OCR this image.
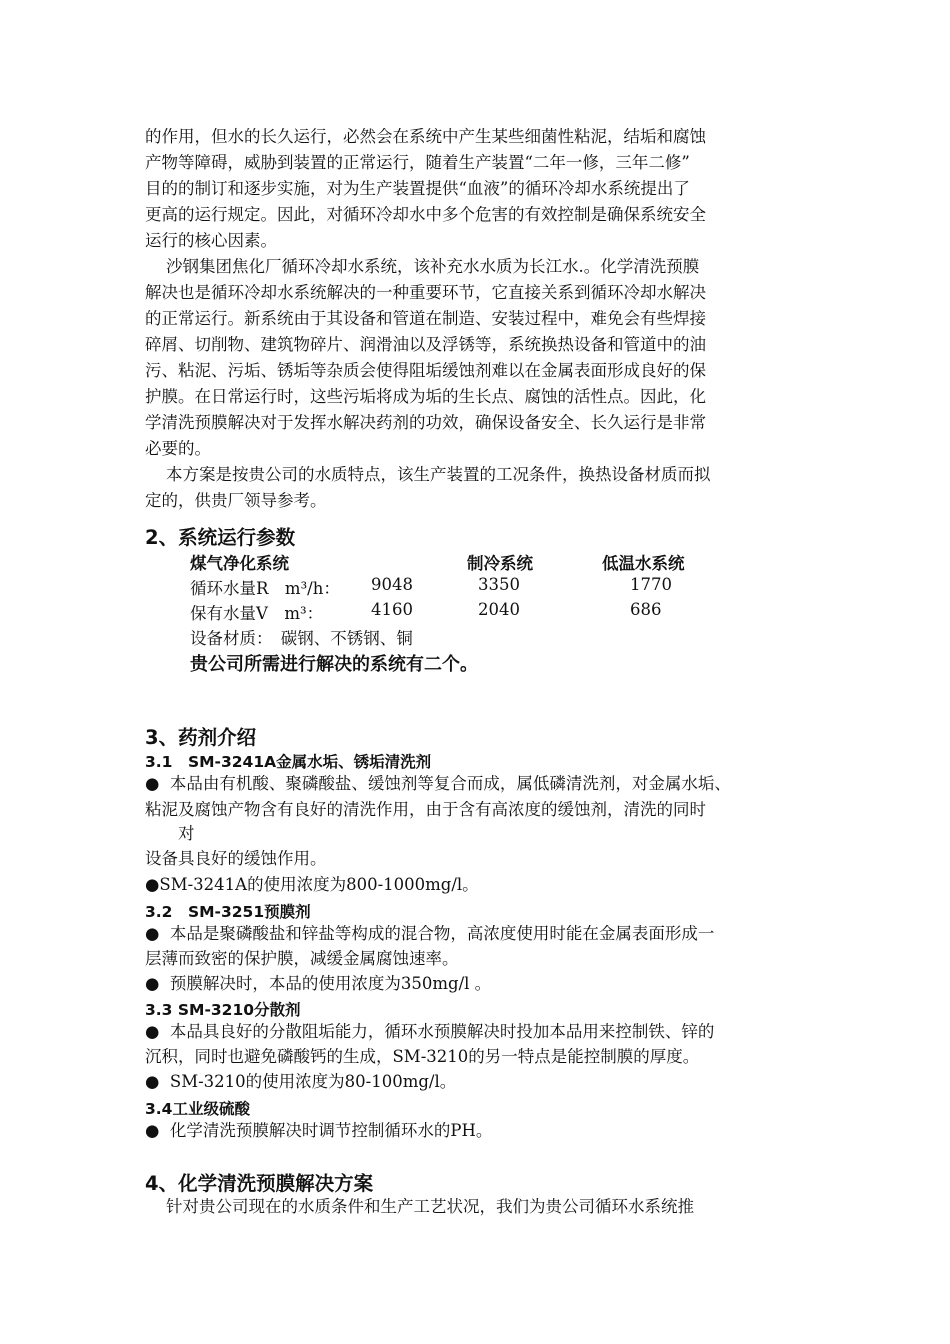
的作用，但水的长久运行，必然会在系统中产生某些细菌性粘泥，结垢和腐蚀
产物等障碍，威胁到装置的正常运行，随着生产装置“二年一修，三年二修”
目的的制订和逐步实施，对为生产装置提供“血液”的循环冷却水系统提出了
更高的运行规定。因此，对循环冷却水中多个危害的有效控制是确保系统安全
运行的核心因素。
沙钢集团焦化厂循环冷却水系统，该补充水水质为长江水.。化学清洗预膜
解决也是循环冷却水系统解决的一种重要环节，它直接关系到循环冷却水解决
的正常运行。新系统由于其设备和管道在制造、安装过程中，难免会有些焊接
碎屑、切削物、建筑物碎片、润滑油以及浮锈等，系统换热设备和管道中的油
污、粘泥、污垢、锈垢等杂质会使得阻垢缓蚀剂难以在金属表面形成良好的保
护膜。在日常运行时，这些污垢将成为垢的生长点、腐蚀的活性点。因此，化
学清洗预膜解决对于发挥水解决药剂的功效，确保设备安全、长久运行是非常
必要的。
本方案是按贵公司的水质特点，该生产装置的工况条件，换热设备材质而拟
定的，供贵厂领导参考。
2、系统运行参数
煤气净化系统	制冷系统	低温水系统
循环水量R　m³/h： 9048	3350	1770
保有水量V　m³：	4160	2040	686
设备材质：　碳钢、不锈钢、铜
贵公司所需进行解决的系统有二个。
3、药剂介绍
3.1　SM-3241A金属水垢、锈垢清洗剂
●  本品由有机酸、聚磷酸盐、缓蚀剂等复合而成，属低磷清洗剂，对金属水垢、
粘泥及腐蚀产物含有良好的清洗作用，由于含有高浓度的缓蚀剂，清洗的同时
　　对
设备具良好的缓蚀作用。
●SM-3241A的使用浓度为800-1000mg/l。
3.2　SM-3251预膜剂
●  本品是聚磷酸盐和锌盐等构成的混合物，高浓度使用时能在金属表面形成一
层薄而致密的保护膜，减缓金属腐蚀速率。
●  预膜解决时，本品的使用浓度为350mg/l 。
3.3 SM-3210分散剂
●  本品具良好的分散阻垢能力，循环水预膜解决时投加本品用来控制铁、锌的
沉积，同时也避免磷酸钙的生成，SM-3210的另一特点是能控制膜的厚度。
●  SM-3210的使用浓度为80-100mg/l。
3.4工业级硫酸
●  化学清洗预膜解决时调节控制循环水的PH。
4、化学清洗预膜解决方案
针对贵公司现在的水质条件和生产工艺状况，我们为贵公司循环水系统推
